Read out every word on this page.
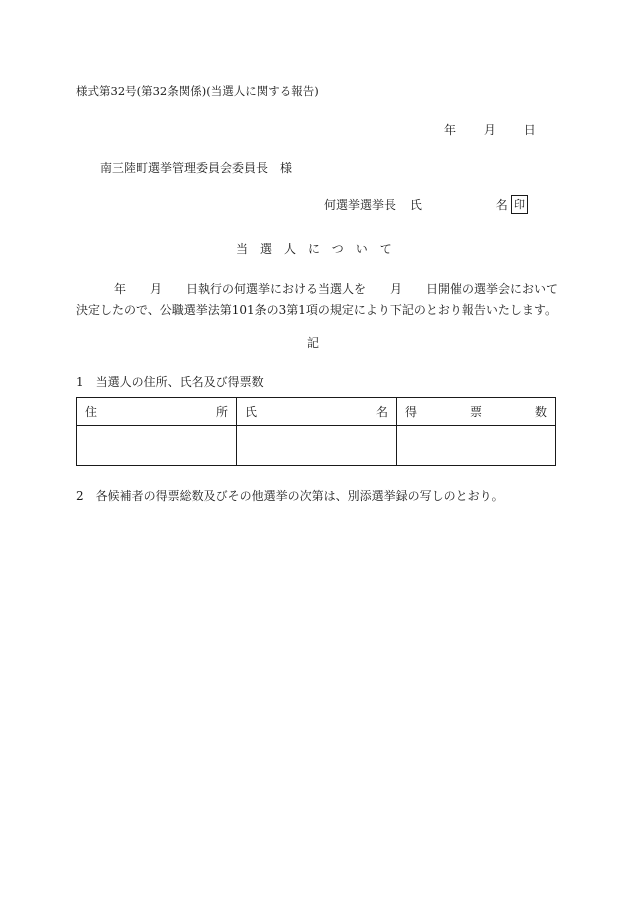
様式第32号(第32条関係)(当選人に関する報告)
年 月 日
南三陸町選挙管理委員会委員長 様
何選挙選挙長 氏	名 印
当選人について
年　　月　　日執行の何選挙における当選人を　　月　　日開催の選挙会において
決定したので、公職選挙法第101条の3第1項の規定により下記のとおり報告いたします。
記
1　当選人の住所、氏名及び得票数
住 所	氏 名	得 票 数

2　各候補者の得票総数及びその他選挙の次第は、別添選挙録の写しのとおり。
